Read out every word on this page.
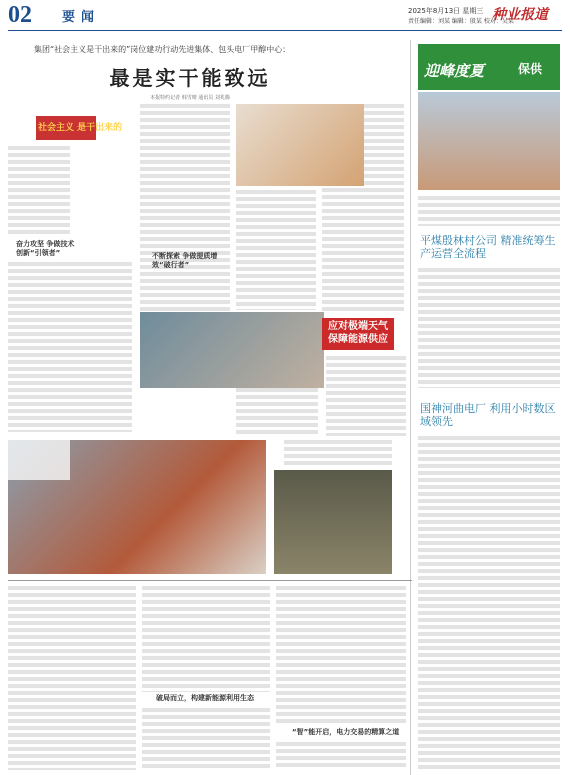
02 要闻	2025年8月13日 星期三
责任编辑：刘某 编辑：殷某 校对：吴某
种业报道
集团“社会主义是干出来的”岗位建功行动先进集体、包头电厂甲醇中心：
最是实干能致远
本报特约记者 韩雪晴 通讯员 刘兆腾
社会主义 是干出来的
奋力攻坚 争做技术创新“引领者”	不断探索 争做提质增效“破行者”
应对极端天气 保障能源供应
破局而立，构建新能源利用生态
“智”能开启，电力交易的精算之道
迎峰度夏	保供
平煤殷林村公司 精准统筹生产运营全流程
国神河曲电厂 利用小时数区域领先
